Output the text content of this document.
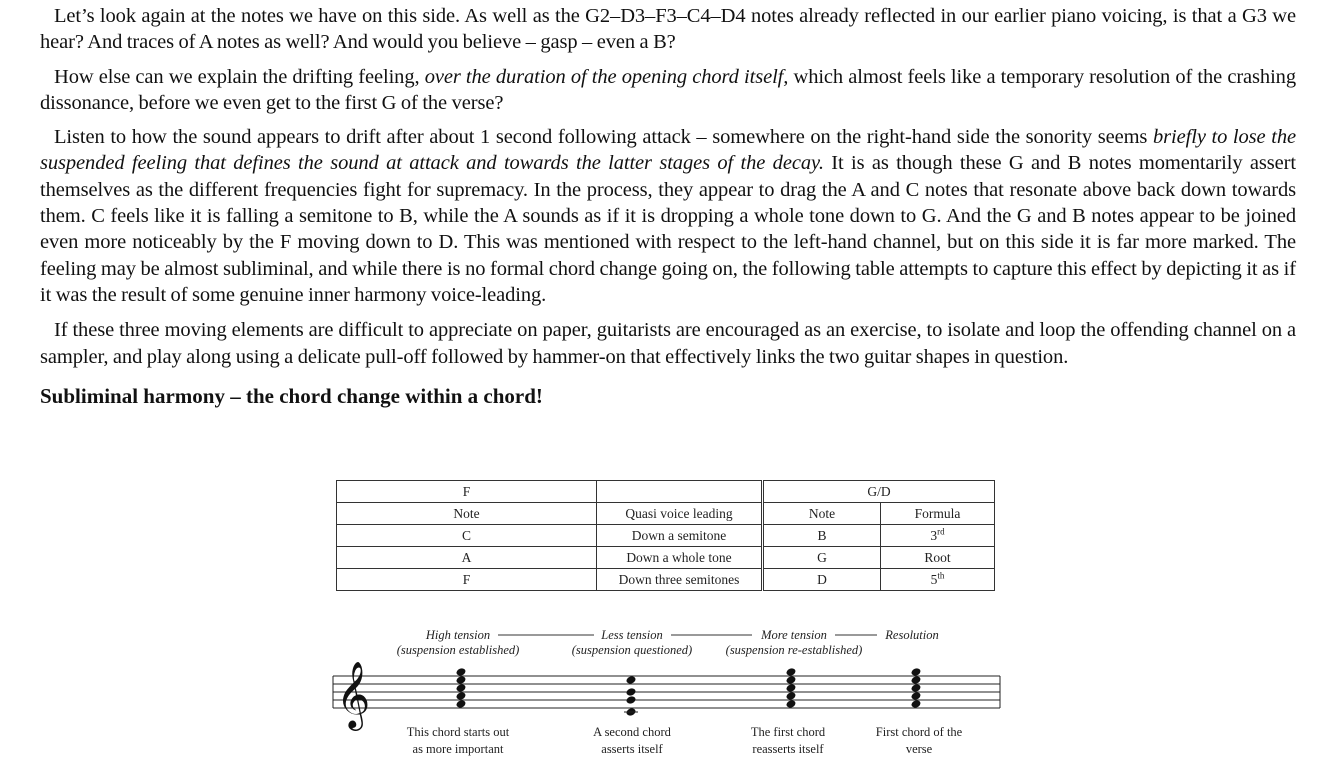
Let’s look again at the notes we have on this side. As well as the G2–D3–F3–C4–D4 notes already reflected in our earlier piano voicing, is that a G3 we hear? And traces of A notes as well? And would you believe – gasp – even a B?

How else can we explain the drifting feeling, over the duration of the opening chord itself, which almost feels like a temporary resolution of the crashing dissonance, before we even get to the first G of the verse?

Listen to how the sound appears to drift after about 1 second following attack – somewhere on the right-hand side the sonority seems briefly to lose the suspended feeling that defines the sound at attack and towards the latter stages of the decay. It is as though these G and B notes momentarily assert themselves as the different frequencies fight for supremacy. In the process, they appear to drag the A and C notes that resonate above back down towards them. C feels like it is falling a semitone to B, while the A sounds as if it is dropping a whole tone down to G. And the G and B notes appear to be joined even more noticeably by the F moving down to D. This was mentioned with respect to the left-hand channel, but on this side it is far more marked. The feeling may be almost subliminal, and while there is no formal chord change going on, the following table attempts to capture this effect by depicting it as if it was the result of some genuine inner harmony voice-leading.

If these three moving elements are difficult to appreciate on paper, guitarists are encouraged as an exercise, to isolate and loop the offending channel on a sampler, and play along using a delicate pull-off followed by hammer-on that effectively links the two guitar shapes in question.

Subliminal harmony – the chord change within a chord!
F		G/D	
Note	Quasi voice leading	Note	Formula
C	Down a semitone	B	3rd
A	Down a whole tone	G	Root
F	Down three semitones	D	5th
High tension
(suspension established)
Less tension
(suspension questioned)
More tension
(suspension re-established)
Resolution
𝄞
This chord starts out
as more important
A second chord
asserts itself
The first chord
reasserts itself
First chord of the
verse
